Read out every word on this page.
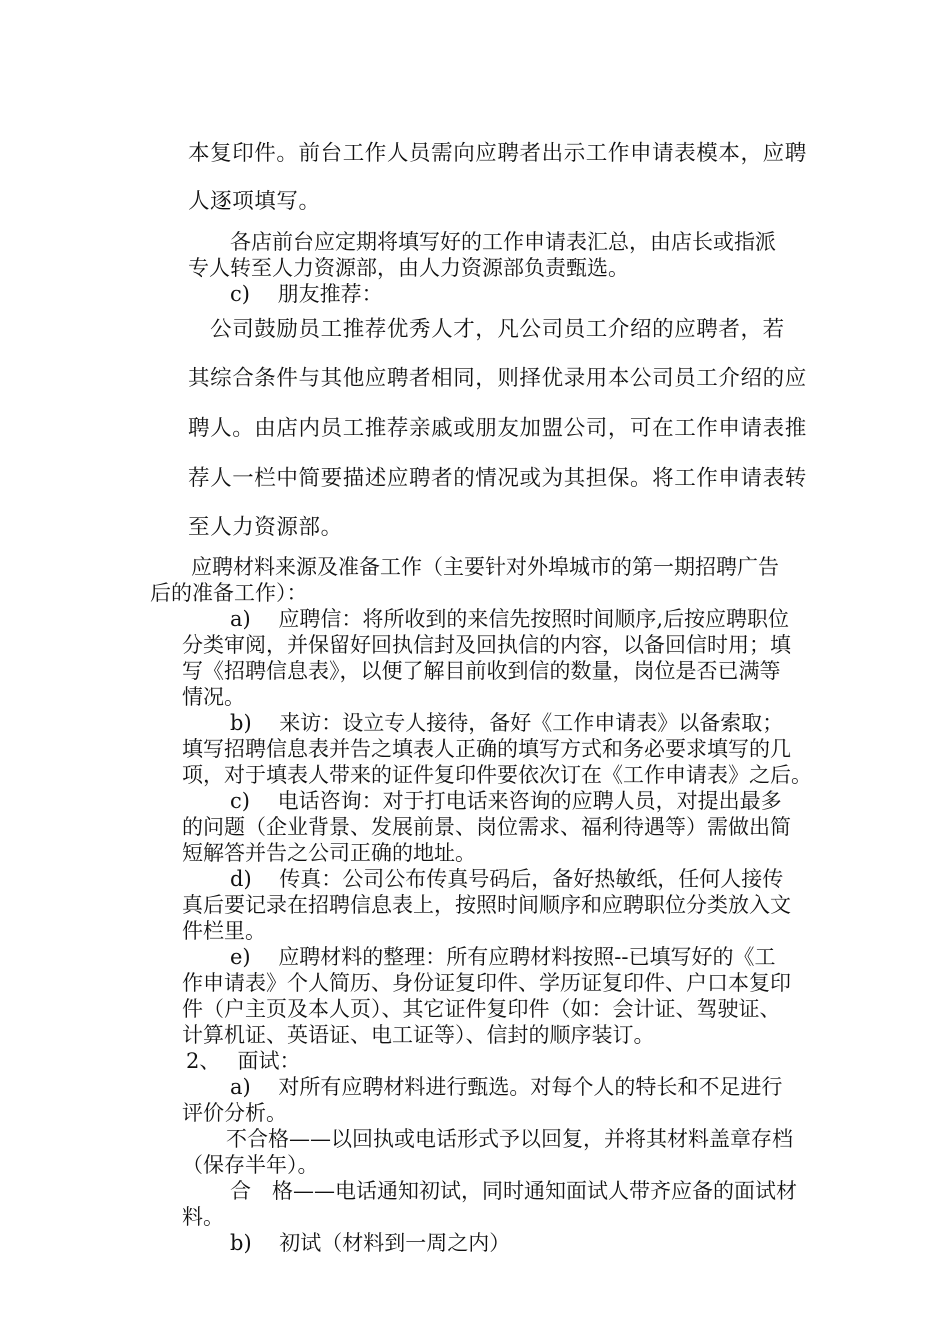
本复印件。前台工作人员需向应聘者出示工作申请表模本，应聘

人逐项填写。

　　各店前台应定期将填写好的工作申请表汇总，由店长或指派

专人转至人力资源部，由人力资源部负责甄选。

c)　 朋友推荐：

　公司鼓励员工推荐优秀人才，凡公司员工介绍的应聘者，若

其综合条件与其他应聘者相同，则择优录用本公司员工介绍的应

聘人。由店内员工推荐亲戚或朋友加盟公司，可在工作申请表推

荐人一栏中简要描述应聘者的情况或为其担保。将工作申请表转

至人力资源部。

　应聘材料来源及准备工作（主要针对外埠城市的第一期招聘广告

后的准备工作）：

a)　 应聘信：将所收到的来信先按照时间顺序,后按应聘职位

分类审阅，并保留好回执信封及回执信的内容，以备回信时用；填

写《招聘信息表》，以便了解目前收到信的数量，岗位是否已满等

情况。

b)　 来访：设立专人接待，备好《工作申请表》以备索取；

填写招聘信息表并告之填表人正确的填写方式和务必要求填写的几

项，对于填表人带来的证件复印件要依次订在《工作申请表》之后。

c)　 电话咨询：对于打电话来咨询的应聘人员，对提出最多

的问题（企业背景、发展前景、岗位需求、福利待遇等）需做出简

短解答并告之公司正确的地址。

d)　 传真：公司公布传真号码后，备好热敏纸，任何人接传

真后要记录在招聘信息表上，按照时间顺序和应聘职位分类放入文

件栏里。

e)　 应聘材料的整理：所有应聘材料按照--已填写好的《工

作申请表》个人简历、身份证复印件、学历证复印件、户口本复印

件（户主页及本人页）、其它证件复印件（如：会计证、驾驶证、

计算机证、英语证、电工证等）、信封的顺序装订。

2、　 面试：

a)　 对所有应聘材料进行甄选。对每个人的特长和不足进行

评价分析。

　不合格——以回执或电话形式予以回复，并将其材料盖章存档

（保存半年）。

合　格——电话通知初试，同时通知面试人带齐应备的面试材

料。

b)　 初试（材料到一周之内）
